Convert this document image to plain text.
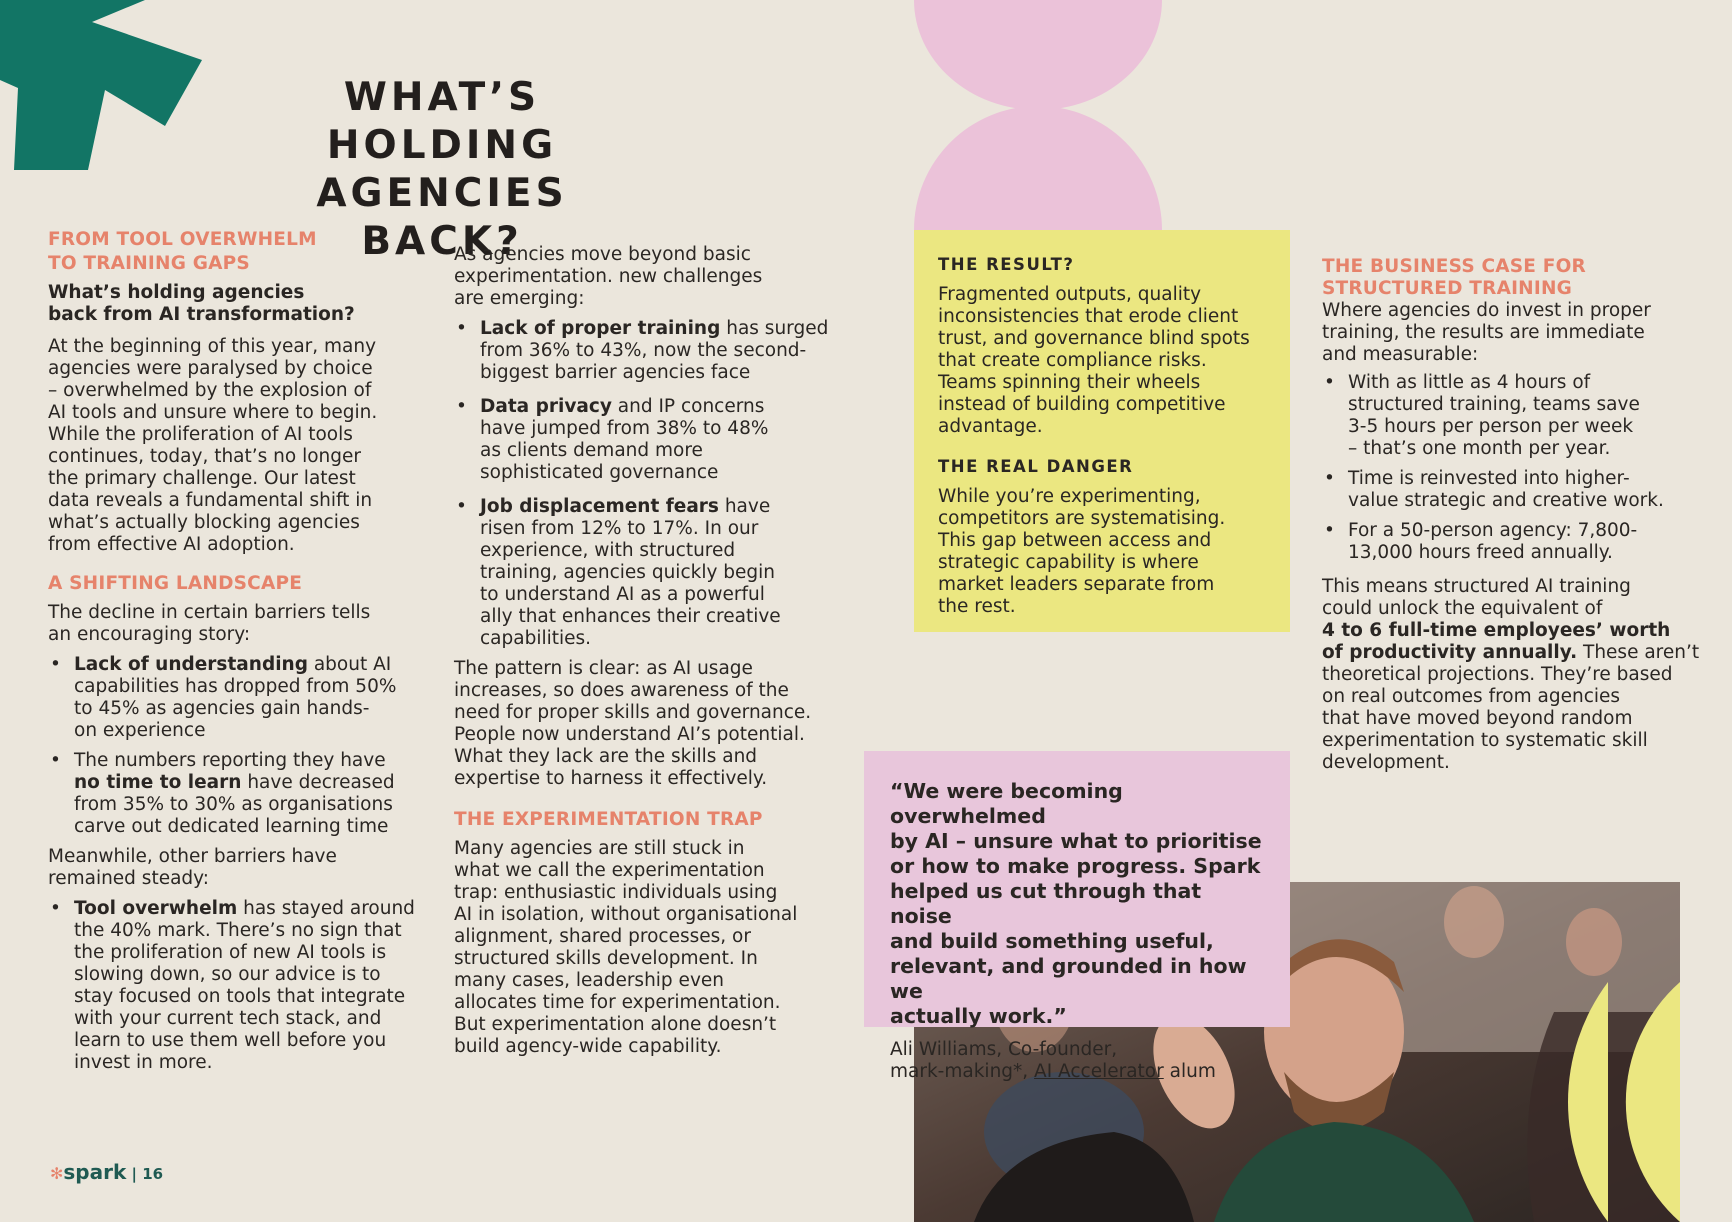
WHAT’S HOLDING
AGENCIES BACK?
FROM TOOL OVERWHELM
TO TRAINING GAPS
What’s holding agencies
back from AI transformation?

At the beginning of this year, many
agencies were paralysed by choice
– overwhelmed by the explosion of
AI tools and unsure where to begin.
While the proliferation of AI tools
continues, today, that’s no longer
the primary challenge. Our latest
data reveals a fundamental shift in
what’s actually blocking agencies
from effective AI adoption.

A SHIFTING LANDSCAPE

The decline in certain barriers tells
an encouraging story:

• Lack of understanding about AI
capabilities has dropped from 50%
to 45% as agencies gain hands-
on experience
• The numbers reporting they have
no time to learn have decreased
from 35% to 30% as organisations
carve out dedicated learning time

Meanwhile, other barriers have
remained steady:

• Tool overwhelm has stayed around
the 40% mark. There’s no sign that
the proliferation of new AI tools is
slowing down, so our advice is to
stay focused on tools that integrate
with your current tech stack, and
learn to use them well before you
invest in more.

As agencies move beyond basic
experimentation. new challenges
are emerging:

• Lack of proper training has surged
from 36% to 43%, now the second-
biggest barrier agencies face
• Data privacy and IP concerns
have jumped from 38% to 48%
as clients demand more
sophisticated governance
• Job displacement fears have
risen from 12% to 17%. In our
experience, with structured
training, agencies quickly begin
to understand AI as a powerful
ally that enhances their creative
capabilities.

The pattern is clear: as AI usage
increases, so does awareness of the
need for proper skills and governance.
People now understand AI’s potential.
What they lack are the skills and
expertise to harness it effectively.

THE EXPERIMENTATION TRAP

Many agencies are still stuck in
what we call the experimentation
trap: enthusiastic individuals using
AI in isolation, without organisational
alignment, shared processes, or
structured skills development. In
many cases, leadership even
allocates time for experimentation.
But experimentation alone doesn’t
build agency-wide capability.

THE RESULT?

Fragmented outputs, quality
inconsistencies that erode client
trust, and governance blind spots
that create compliance risks.
Teams spinning their wheels
instead of building competitive
advantage.

THE REAL DANGER

While you’re experimenting,
competitors are systematising.
This gap between access and
strategic capability is where
market leaders separate from
the rest.

“We were becoming overwhelmed
by AI – unsure what to prioritise
or how to make progress. Spark
helped us cut through that noise
and build something useful,
relevant, and grounded in how we
actually work.”

Ali Williams, Co-founder,
mark-making*, AI Accelerator alum

THE BUSINESS CASE FOR
STRUCTURED TRAINING

Where agencies do invest in proper
training, the results are immediate
and measurable:

• With as little as 4 hours of
structured training, teams save
3-5 hours per person per week
– that’s one month per year.
• Time is reinvested into higher-
value strategic and creative work.
• For a 50-person agency: 7,800-
13,000 hours freed annually.

This means structured AI training
could unlock the equivalent of
4 to 6 full-time employees’ worth
of productivity annually. These aren’t
theoretical projections. They’re based
on real outcomes from agencies
that have moved beyond random
experimentation to systematic skill
development.

✻spark | 16
